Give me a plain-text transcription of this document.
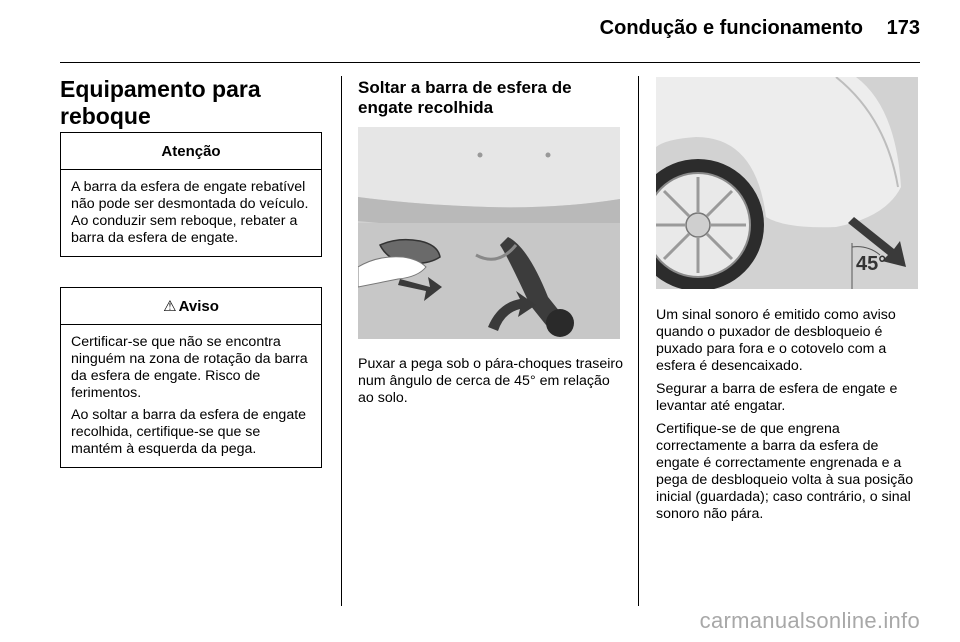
Condução e funcionamento 173
Equipamento para reboque
Atenção

A barra da esfera de engate rebatível não pode ser desmontada do veículo. Ao conduzir sem reboque, rebater a barra da esfera de engate.

⚠ Aviso

Certificar-se que não se encontra ninguém na zona de rotação da barra da esfera de engate. Risco de ferimentos.

Ao soltar a barra da esfera de engate recolhida, certifique-se que se mantém à esquerda da pega.

Soltar a barra de esfera de engate recolhida
Puxar a pega sob o pára-choques traseiro num ângulo de cerca de 45° em relação ao solo.
45°

Um sinal sonoro é emitido como aviso quando o puxador de desbloqueio é puxado para fora e o cotovelo com a esfera é desencaixado.

Segurar a barra de esfera de engate e levantar até engatar.

Certifique-se de que engrena correctamente a barra da esfera de engate é correctamente engrenada e a pega de desbloqueio volta à sua posição inicial (guardada); caso contrário, o sinal sonoro não pára.

carmanualsonline.info
